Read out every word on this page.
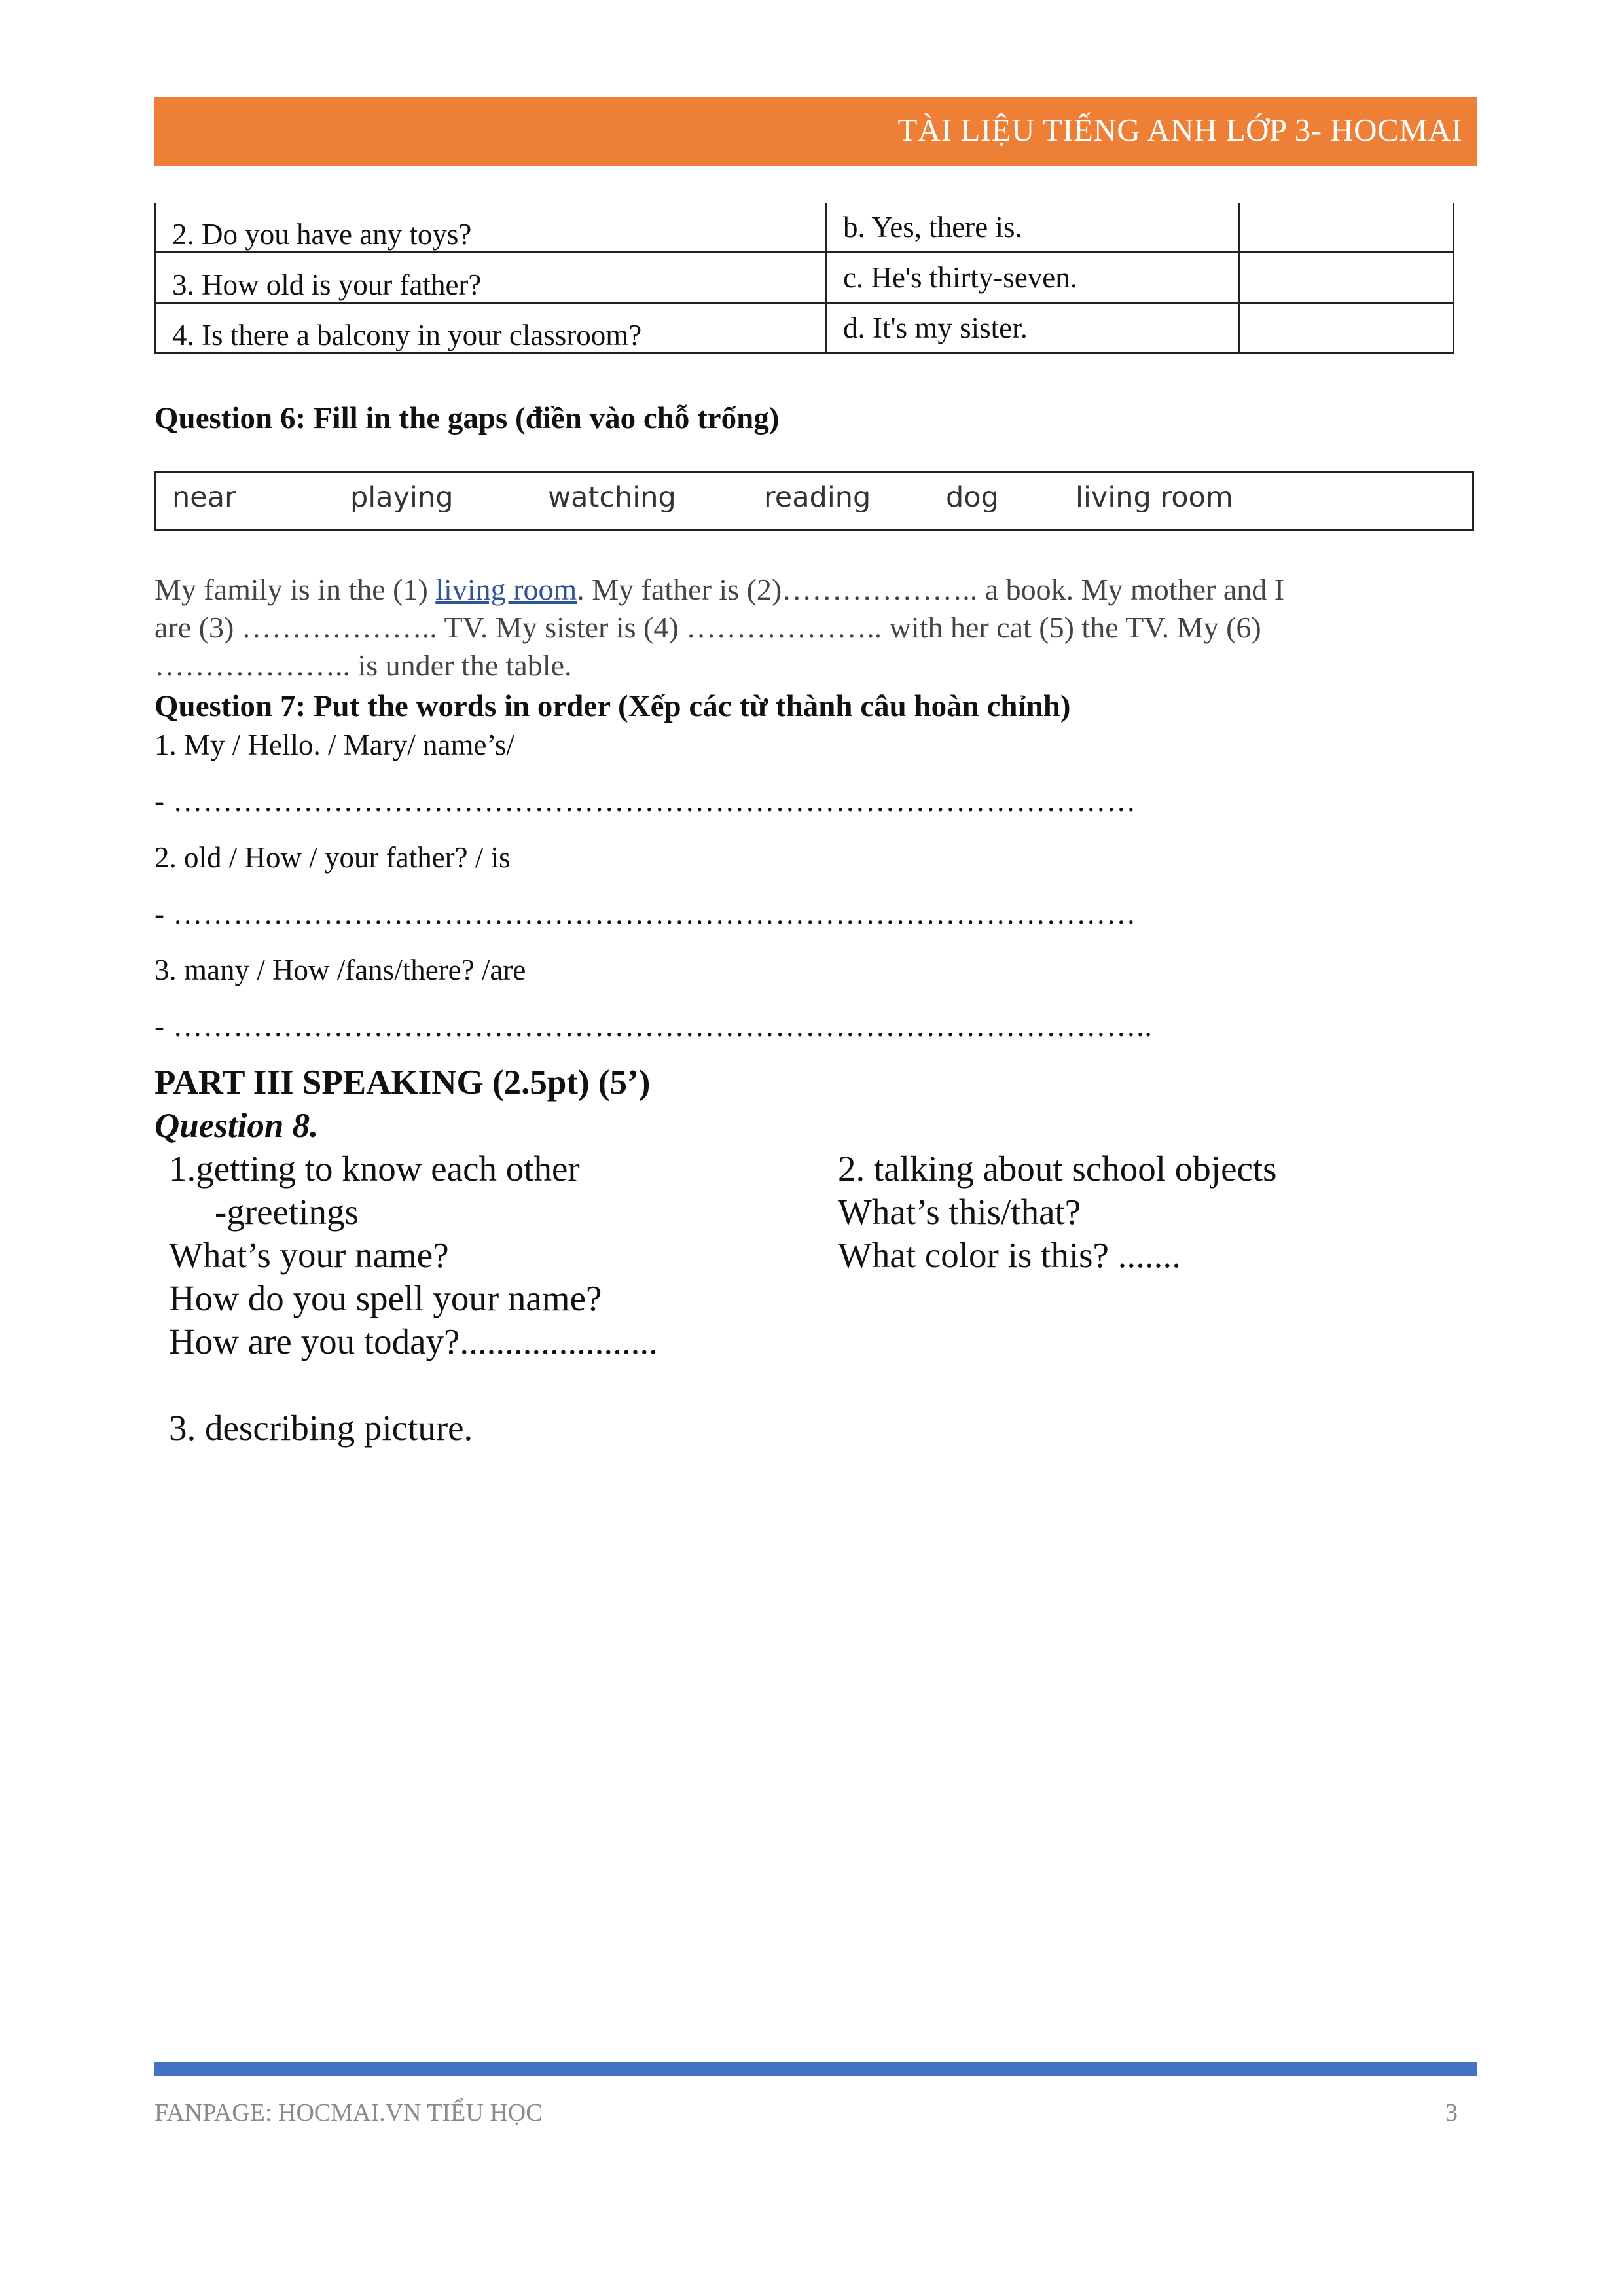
TÀI LIỆU TIẾNG ANH LỚP 3- HOCMAI
2. Do you have any toys?	b. Yes, there is.	
3. How old is your father?	c. He's thirty-seven.	
4. Is there a balcony in your classroom?	d. It's my sister.	
Question 6: Fill in the gaps (điền vào chỗ trống)
near	playing	watching	reading	dog	living room
My family is in the (1) living room. My father is (2)……………….. a book. My mother and I
are (3) ……………….. TV. My sister is (4) ……………….. with her cat (5) the TV. My (6)
……………….. is under the table.
Question 7: Put the words in order (Xếp các từ thành câu hoàn chỉnh)
1. My / Hello. / Mary/ name’s/
- ……………………………………………………………………………………
2. old / How / your father? / is
- ……………………………………………………………………………………
3. many / How /fans/there? /are
- ……………………………………………………………………………………..
PART III SPEAKING (2.5pt) (5’)
Question 8.
1.getting to know each other
-greetings
What’s your name?
How do you spell your name?
How are you today?......................
2. talking about school objects
What’s this/that?
What color is this? .......
3. describing picture.
FANPAGE: HOCMAI.VN TIỂU HỌC	3
